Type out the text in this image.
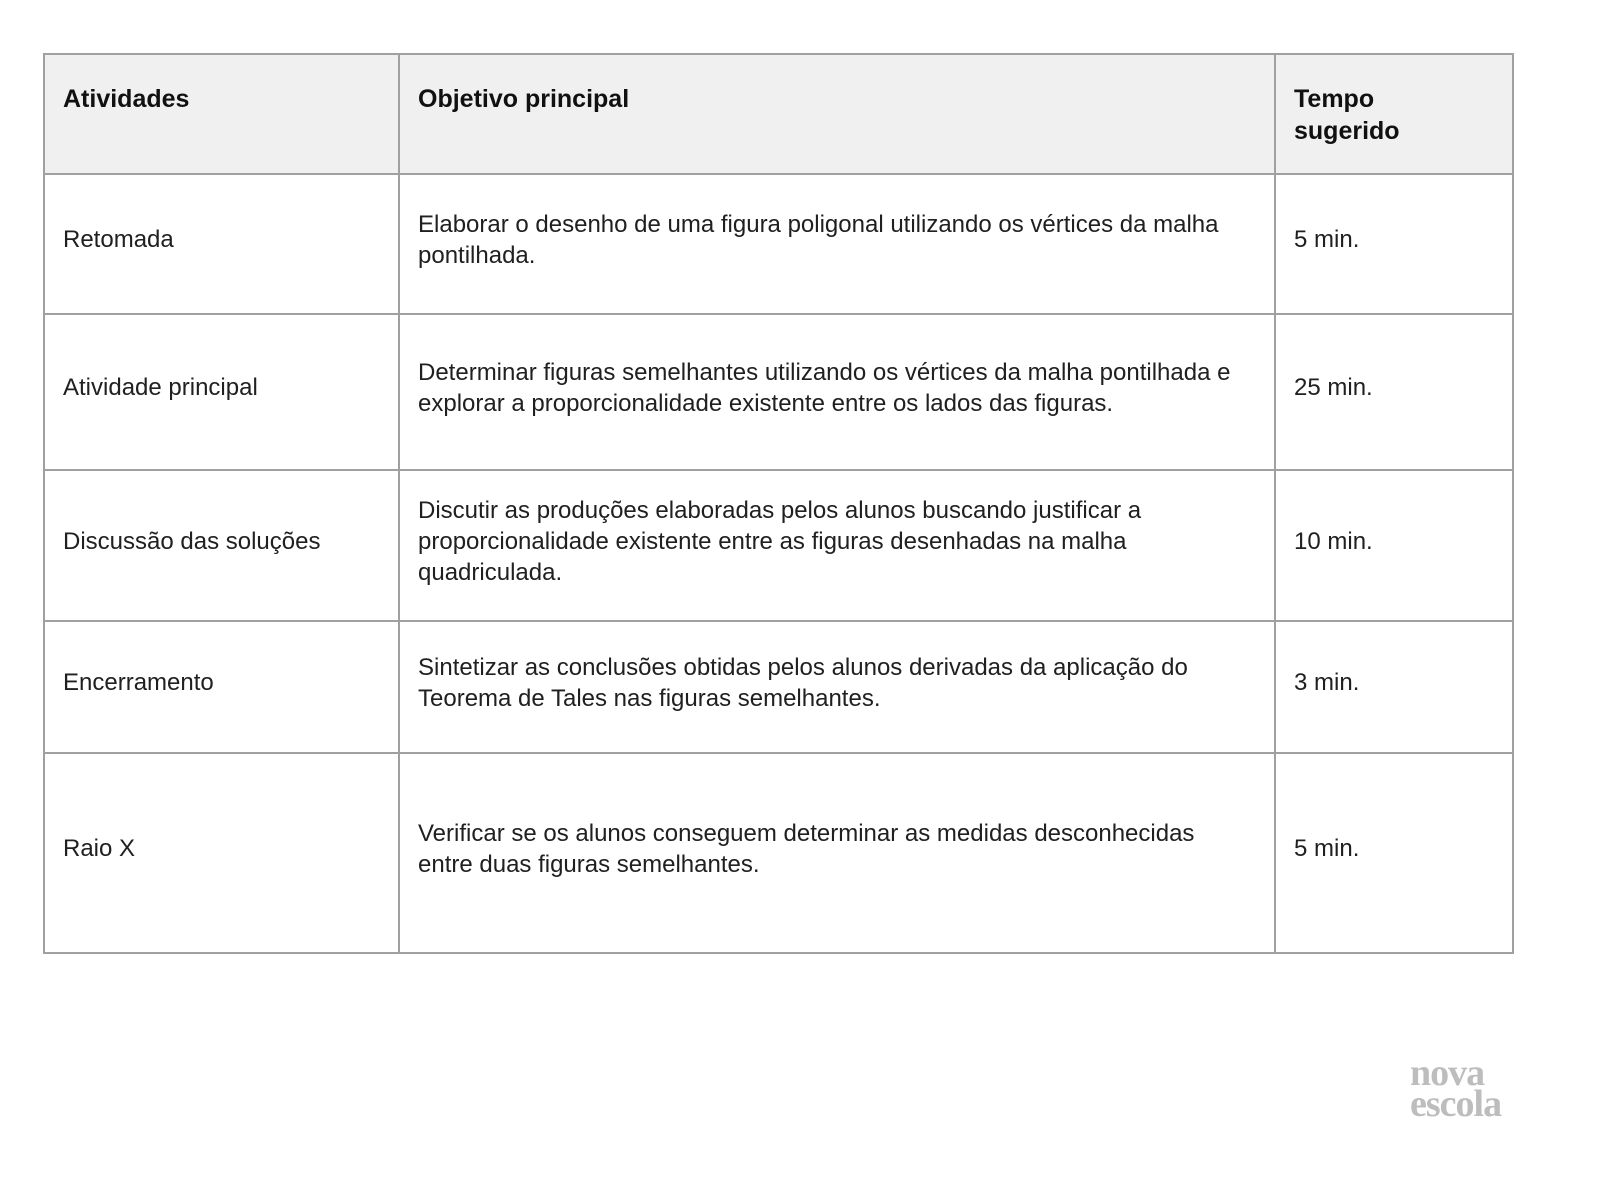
Atividades	Objetivo principal	Tempo sugerido
Retomada	Elaborar o desenho de uma figura poligonal utilizando os vértices da malha pontilhada.	5 min.
Atividade principal	Determinar figuras semelhantes utilizando os vértices da malha pontilhada e explorar a proporcionalidade existente entre os lados das figuras.	25 min.
Discussão das soluções	Discutir as produções elaboradas pelos alunos buscando justificar a proporcionalidade existente entre as figuras desenhadas na malha quadriculada.	10 min.
Encerramento	Sintetizar as conclusões obtidas pelos alunos derivadas da aplicação do Teorema de Tales nas figuras semelhantes.	3 min.
Raio X	Verificar se os alunos conseguem determinar as medidas desconhecidas entre duas figuras semelhantes.	5 min.
nova
escola
